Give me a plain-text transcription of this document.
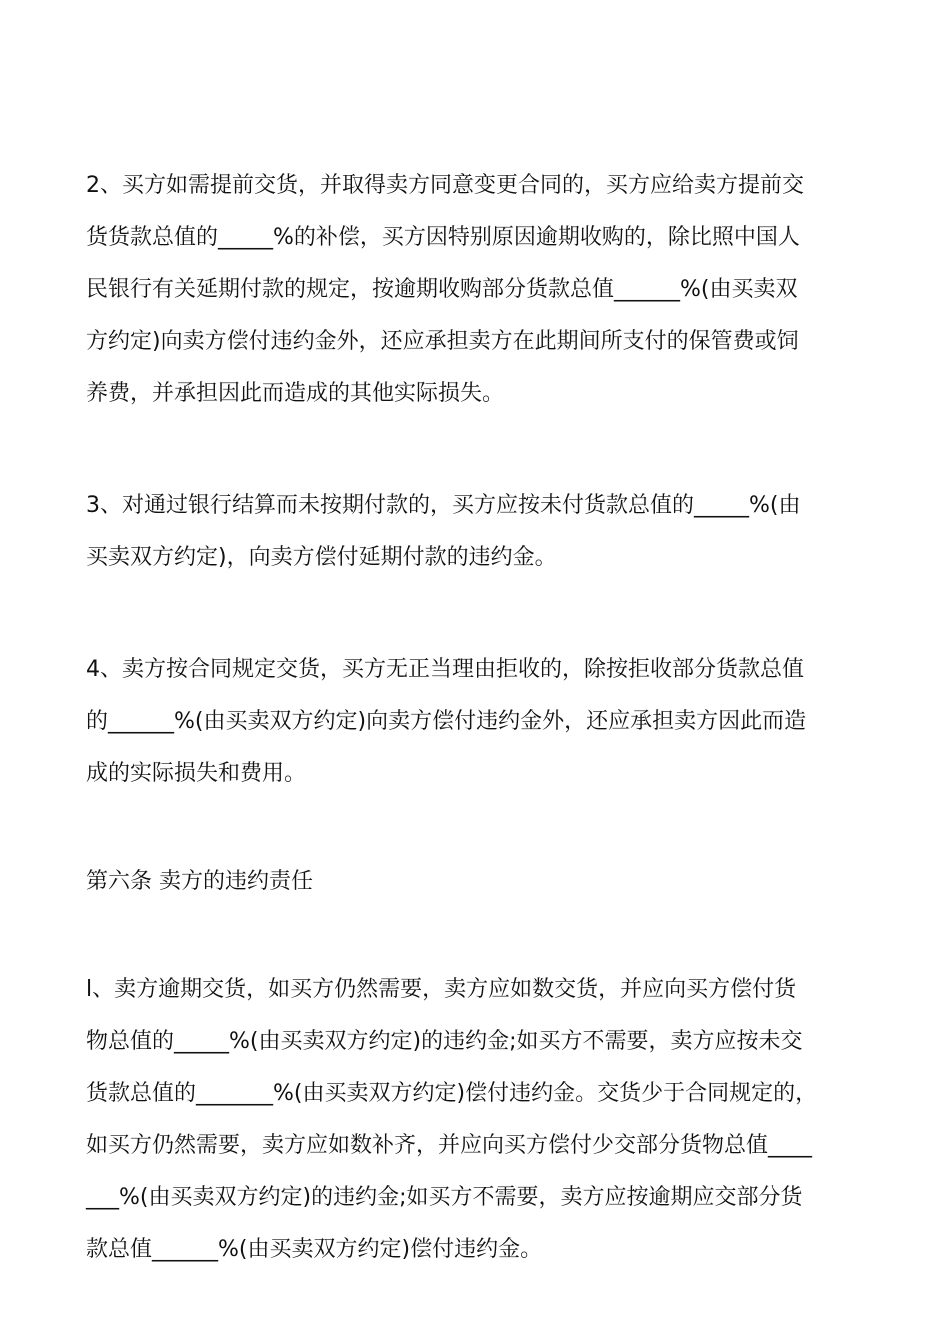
2、买方如需提前交货，并取得卖方同意变更合同的，买方应给卖方提前交
货货款总值的_____%的补偿，买方因特别原因逾期收购的，除比照中国人
民银行有关延期付款的规定，按逾期收购部分货款总值______%(由买卖双
方约定)向卖方偿付违约金外，还应承担卖方在此期间所支付的保管费或饲
养费，并承担因此而造成的其他实际损失。

3、对通过银行结算而未按期付款的，买方应按未付货款总值的_____%(由
买卖双方约定)，向卖方偿付延期付款的违约金。

4、卖方按合同规定交货，买方无正当理由拒收的，除按拒收部分货款总值
的______%(由买卖双方约定)向卖方偿付违约金外，还应承担卖方因此而造
成的实际损失和费用。

第六条 卖方的违约责任

l、卖方逾期交货，如买方仍然需要，卖方应如数交货，并应向买方偿付货
物总值的_____%(由买卖双方约定)的违约金;如买方不需要，卖方应按未交
货款总值的_______%(由买卖双方约定)偿付违约金。交货少于合同规定的，
如买方仍然需要，卖方应如数补齐，并应向买方偿付少交部分货物总值____
___%(由买卖双方约定)的违约金;如买方不需要，卖方应按逾期应交部分货
款总值______%(由买卖双方约定)偿付违约金。
